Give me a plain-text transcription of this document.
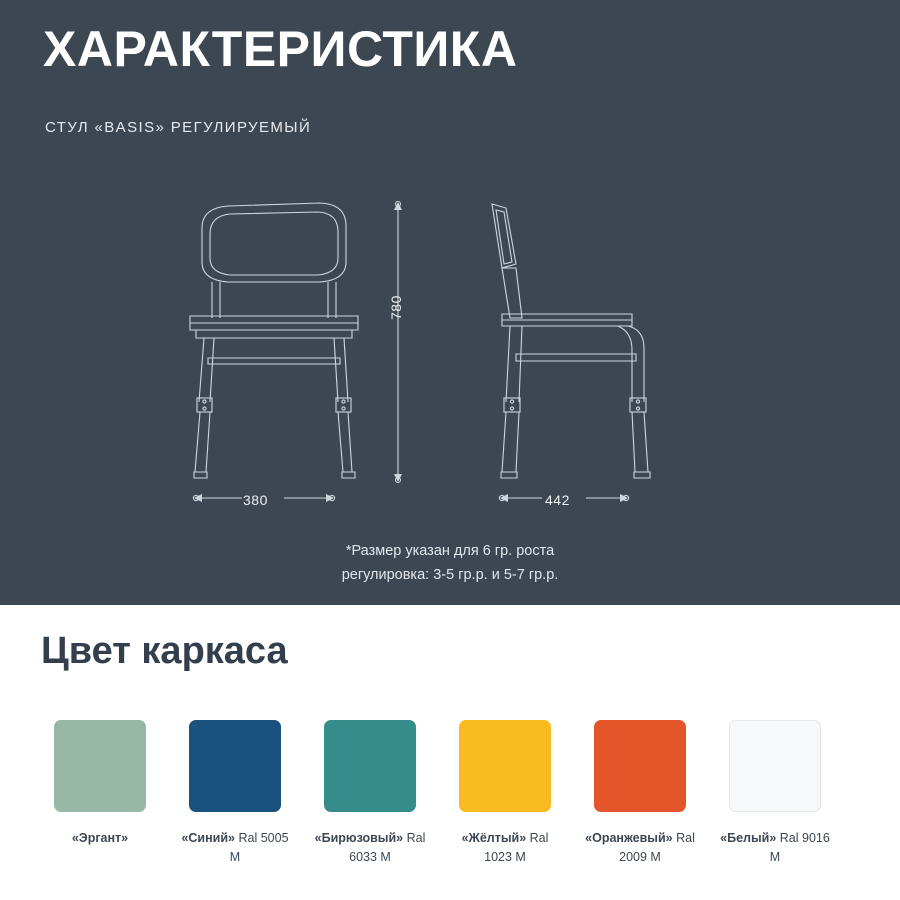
ХАРАКТЕРИСТИКА
СТУЛ «BASIS» РЕГУЛИРУЕМЫЙ
780
380	442
*Размер указан для 6 гр. роста
регулировка: 3-5 гр.р. и 5-7 гр.р.
Цвет каркаса
«Эргант»	«Синий» Ral 5005 М
«Бирюзовый» Ral 6033 М
«Жёлтый» Ral 1023 М
«Оранжевый» Ral 2009 М
«Белый» Ral 9016 М
